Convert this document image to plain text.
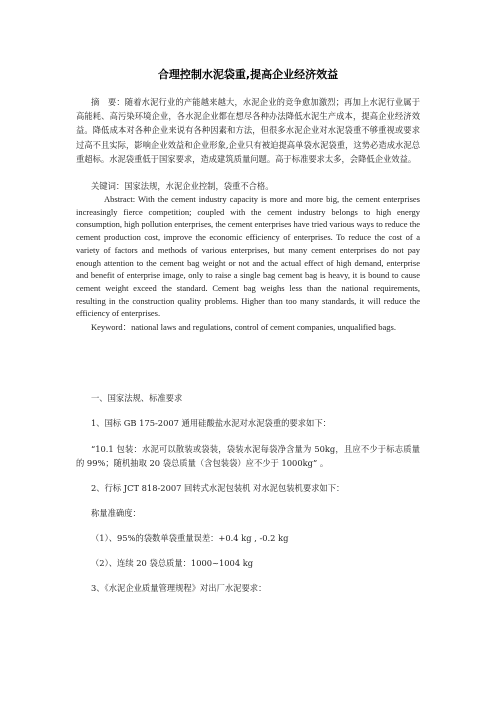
合理控制水泥袋重,提高企业经济效益
摘　要：随着水泥行业的产能越来越大，水泥企业的竞争愈加激烈；再加上水泥行业属于高能耗、高污染环境企业，各水泥企业都在想尽各种办法降低水泥生产成本，提高企业经济效益。降低成本对各种企业来说有各种因素和方法，但很多水泥企业对水泥袋重不够重视或要求过高不且实际，影响企业效益和企业形象,企业只有被迫提高单袋水泥袋重，这势必造成水泥总重超标。水泥袋重低于国家要求，造成建筑质量问题。高于标准要求太多，会降低企业效益。
关键词：国家法规，水泥企业控制，袋重不合格。
Abstract: With the cement industry capacity is more and more big, the cement enterprises increasingly fierce competition; coupled with the cement industry belongs to high energy consumption, high pollution enterprises, the cement enterprises have tried various ways to reduce the cement production cost, improve the economic efficiency of enterprises. To reduce the cost of a variety of factors and methods of various enterprises, but many cement enterprises do not pay enough attention to the cement bag weight or not and the actual effect of high demand, enterprise and benefit of enterprise image, only to raise a single bag cement bag is heavy, it is bound to cause cement weight exceed the standard. Cement bag weighs less than the national requirements, resulting in the construction quality problems. Higher than too many standards, it will reduce the efficiency of enterprises.
Keyword：national laws and regulations, control of cement companies, unqualified bags.
一、国家法规、标准要求
1、国标 GB 175-2007 通用硅酸盐水泥对水泥袋重的要求如下：
“10.1 包装：水泥可以散装或袋装，袋装水泥每袋净含量为 50kg，且应不少于标志质量的 99%；随机抽取 20 袋总质量（含包装袋）应不少于 1000kg” 。
2、行标 JCT 818-2007 回转式水泥包装机 对水泥包装机要求如下：
称量准确度：
（1）、95%的袋数单袋重量误差：+0.4 kg , -0.2 kg
（2）、连续 20 袋总质量：1000~1004 kg
3、《水泥企业质量管理规程》对出厂水泥要求：
